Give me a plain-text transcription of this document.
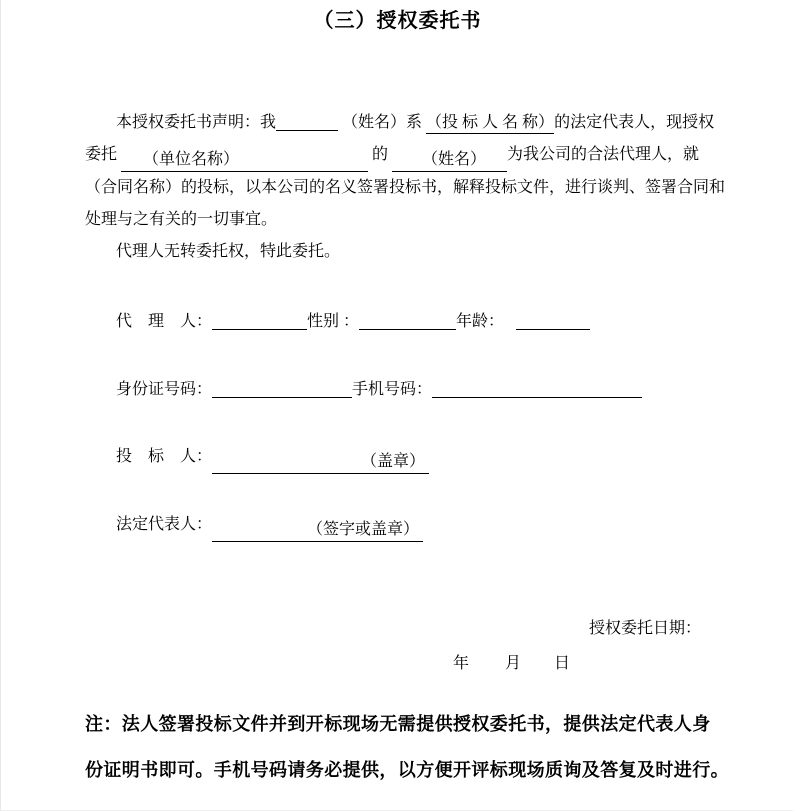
（三）授权委托书
本授权委托书声明：我	（姓名）系 （投 标 人 名 称）的法定代表人，现授权
委托 （单位名称）	的 （姓名） 为我公司的合法代理人，就
（合同名称）的投标，以本公司的名义签署投标书，解释投标文件，进行谈判、签署合同和
处理与之有关的一切事宜。
代理人无转委托权，特此委托。
代　理　人：	性别 ：	年龄：
身份证号码：	手机号码：
投　标　人：	（盖章）
法定代表人：	（签字或盖章）
授权委托日期：
年 月 日
注：法人签署投标文件并到开标现场无需提供授权委托书，提供法定代表人身
份证明书即可。手机号码请务必提供，以方便开评标现场质询及答复及时进行。
